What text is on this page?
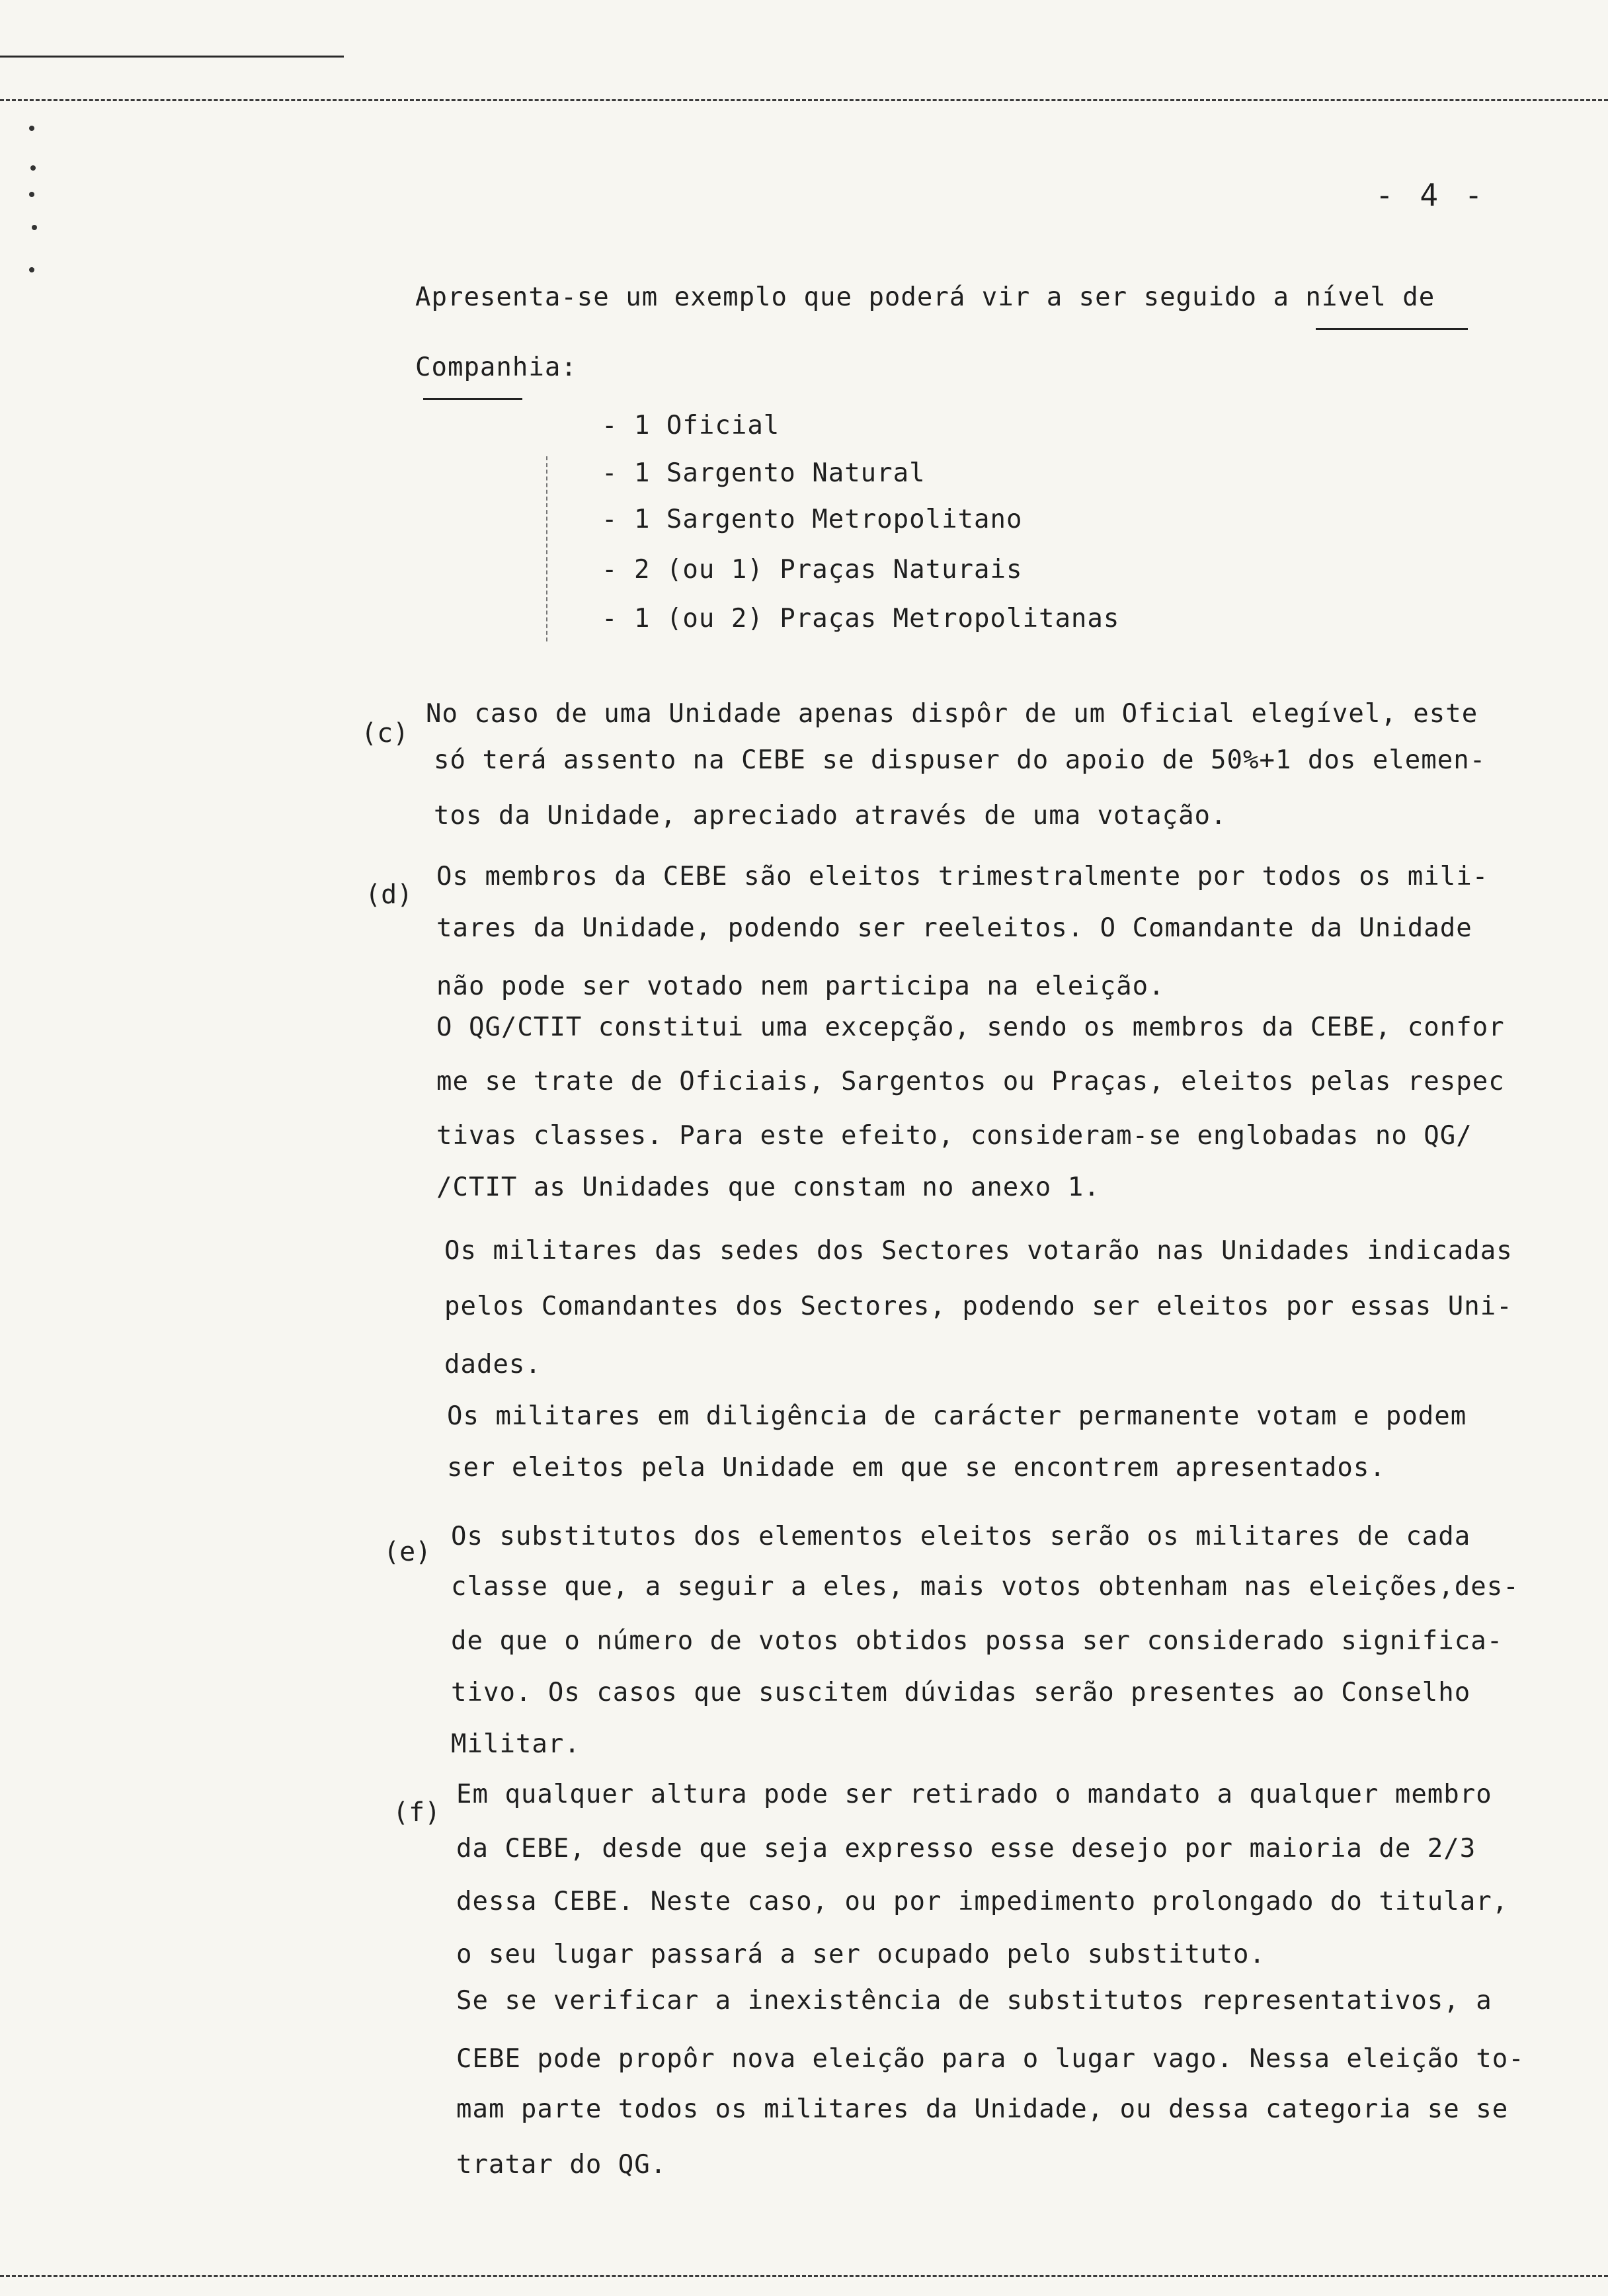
- 4 -
Apresenta-se um exemplo que poderá vir a ser seguido a nível de
Companhia:
- 1 Oficial
- 1 Sargento Natural
- 1 Sargento Metropolitano
- 2 (ou 1) Praças Naturais
- 1 (ou 2) Praças Metropolitanas
(c)
No caso de uma Unidade apenas dispôr de um Oficial elegível, este
só terá assento na CEBE se dispuser do apoio de 50%+1 dos elemen-
tos da Unidade, apreciado através de uma votação.
(d)
Os membros da CEBE são eleitos trimestralmente por todos os mili-
tares da Unidade, podendo ser reeleitos. O Comandante da Unidade
não pode ser votado nem participa na eleição.
O QG/CTIT constitui uma excepção, sendo os membros da CEBE, confor
me se trate de Oficiais, Sargentos ou Praças, eleitos pelas respec
tivas classes. Para este efeito, consideram-se englobadas no QG/
/CTIT as Unidades que constam no anexo 1.
Os militares das sedes dos Sectores votarão nas Unidades indicadas
pelos Comandantes dos Sectores, podendo ser eleitos por essas Uni-
dades.
Os militares em diligência de carácter permanente votam e podem
ser eleitos pela Unidade em que se encontrem apresentados.
(e)
Os substitutos dos elementos eleitos serão os militares de cada
classe que, a seguir a eles, mais votos obtenham nas eleições,des-
de que o número de votos obtidos possa ser considerado significa-
tivo. Os casos que suscitem dúvidas serão presentes ao Conselho
Militar.
(f)
Em qualquer altura pode ser retirado o mandato a qualquer membro
da CEBE, desde que seja expresso esse desejo por maioria de 2/3
dessa CEBE. Neste caso, ou por impedimento prolongado do titular,
o seu lugar passará a ser ocupado pelo substituto.
Se se verificar a inexistência de substitutos representativos, a
CEBE pode propôr nova eleição para o lugar vago. Nessa eleição to-
mam parte todos os militares da Unidade, ou dessa categoria se se
tratar do QG.
